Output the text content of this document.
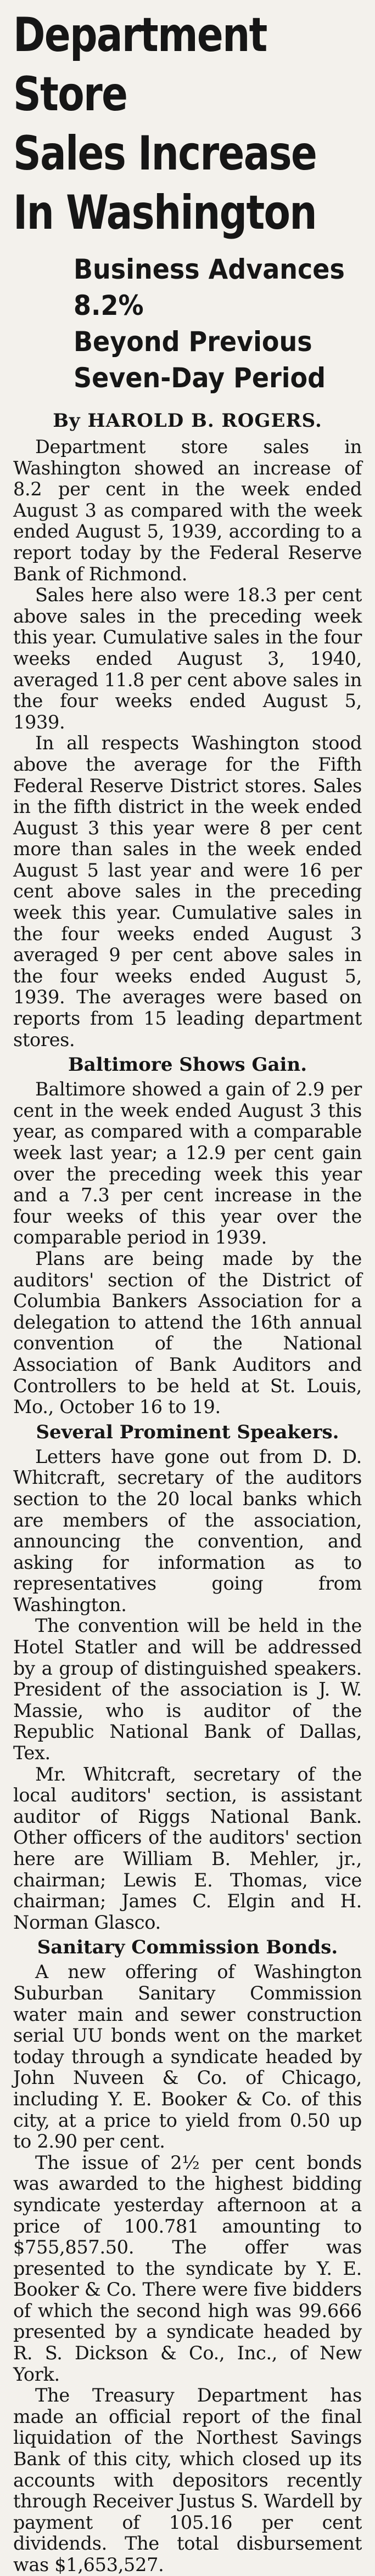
Department Store
Sales Increase
In Washington
Business Advances 8.2%
Beyond Previous
Seven-Day Period
By HAROLD B. ROGERS.

Department store sales in Washington showed an increase of 8.2 per cent in the week ended August 3 as compared with the week ended August 5, 1939, according to a report today by the Federal Reserve Bank of Richmond.

Sales here also were 18.3 per cent above sales in the preceding week this year. Cumulative sales in the four weeks ended August 3, 1940, averaged 11.8 per cent above sales in the four weeks ended August 5, 1939.

In all respects Washington stood above the average for the Fifth Federal Reserve District stores. Sales in the fifth district in the week ended August 3 this year were 8 per cent more than sales in the week ended August 5 last year and were 16 per cent above sales in the preceding week this year. Cumulative sales in the four weeks ended August 3 averaged 9 per cent above sales in the four weeks ended August 5, 1939. The averages were based on reports from 15 leading department stores.

Baltimore Shows Gain.

Baltimore showed a gain of 2.9 per cent in the week ended August 3 this year, as compared with a comparable week last year; a 12.9 per cent gain over the preceding week this year and a 7.3 per cent increase in the four weeks of this year over the comparable period in 1939.

Plans are being made by the auditors' section of the District of Columbia Bankers Association for a delegation to attend the 16th annual convention of the National Association of Bank Auditors and Controllers to be held at St. Louis, Mo., October 16 to 19.

Several Prominent Speakers.

Letters have gone out from D. D. Whitcraft, secretary of the auditors section to the 20 local banks which are members of the association, announcing the convention, and asking for information as to representatives going from Washington.

The convention will be held in the Hotel Statler and will be addressed by a group of distinguished speakers. President of the association is J. W. Massie, who is auditor of the Republic National Bank of Dallas, Tex.

Mr. Whitcraft, secretary of the local auditors' section, is assistant auditor of Riggs National Bank. Other officers of the auditors' section here are William B. Mehler, jr., chairman; Lewis E. Thomas, vice chairman; James C. Elgin and H. Norman Glasco.

Sanitary Commission Bonds.

A new offering of Washington Suburban Sanitary Commission water main and sewer construction serial UU bonds went on the market today through a syndicate headed by John Nuveen & Co. of Chicago, including Y. E. Booker & Co. of this city, at a price to yield from 0.50 up to 2.90 per cent.

The issue of 2½ per cent bonds was awarded to the highest bidding syndicate yesterday afternoon at a price of 100.781 amounting to $755,857.50. The offer was presented to the syndicate by Y. E. Booker & Co. There were five bidders of which the second high was 99.666 presented by a syndicate headed by R. S. Dickson & Co., Inc., of New York.

The Treasury Department has made an official report of the final liquidation of the Northest Savings Bank of this city, which closed up its accounts with depositors recently through Receiver Justus S. Wardell by payment of 105.16 per cent dividends. The total disbursement was $1,653,527.
